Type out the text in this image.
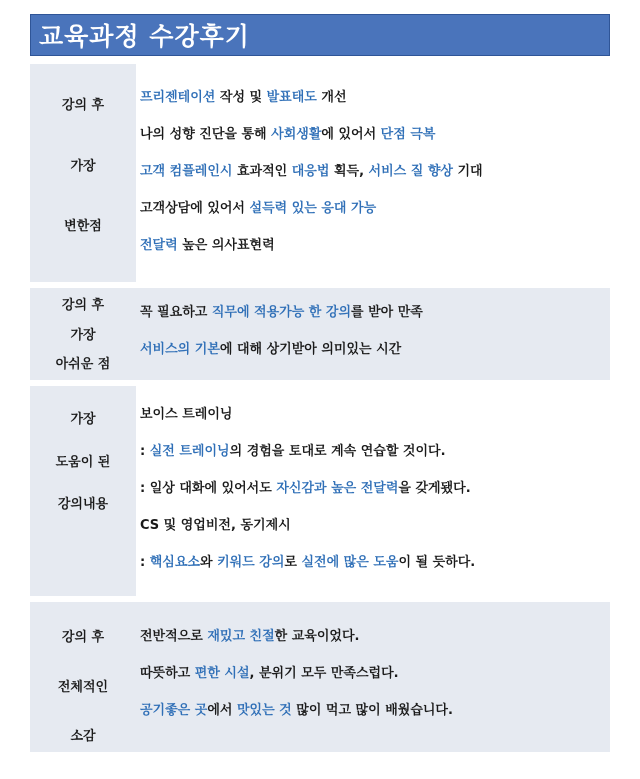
교육과정 수강후기
강의 후
가장
변한점
프리젠테이션 작성 및 발표태도 개선
나의 성향 진단을 통해 사회생활에 있어서 단점 극복
고객 컴플레인시 효과적인 대응법 획득, 서비스 질 향상 기대
고객상담에 있어서 설득력 있는 응대 가능
전달력 높은 의사표현력
강의 후
가장
아쉬운 점
꼭 필요하고 직무에 적용가능 한 강의를 받아 만족
서비스의 기본에 대해 상기받아 의미있는 시간
가장
도움이 된
강의내용
보이스 트레이닝
: 실전 트레이닝의 경험을 토대로 계속 연습할 것이다.
: 일상 대화에 있어서도 자신감과 높은 전달력을 갖게됐다.
CS 및 영업비전, 동기제시
: 핵심요소와 키워드 강의로 실전에 많은 도움이 될 듯하다.
강의 후
전체적인
소감
전반적으로 재밌고 친절한 교육이었다.
따뜻하고 편한 시설, 분위기 모두 만족스럽다.
공기좋은 곳에서 맛있는 것 많이 먹고 많이 배웠습니다.
